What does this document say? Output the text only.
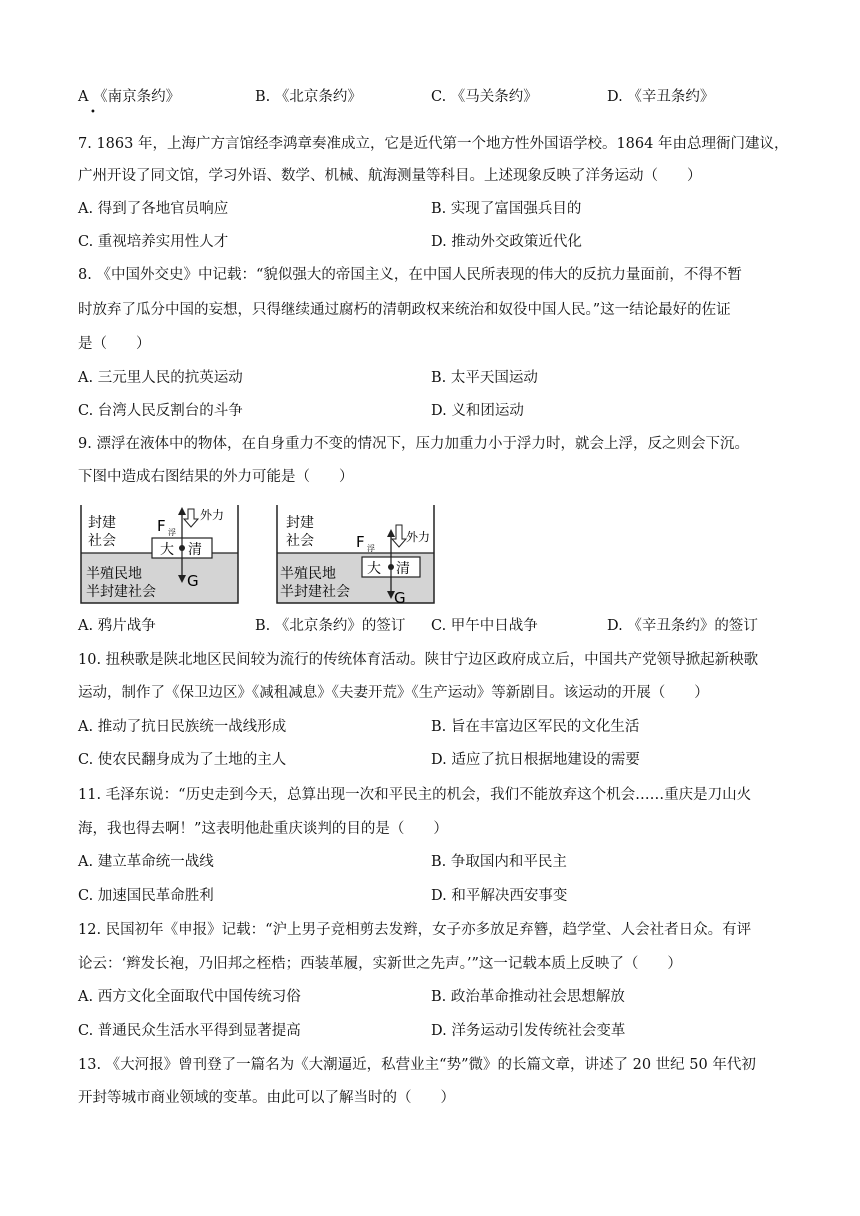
A 《南京条约》	B. 《北京条约》	C. 《马关条约》	D. 《辛丑条约》
•
7. 1863 年，上海广方言馆经李鸿章奏准成立，它是近代第一个地方性外国语学校。1864 年由总理衙门建议，
广州开设了同文馆，学习外语、数学、机械、航海测量等科目。上述现象反映了洋务运动（　　）
A. 得到了各地官员响应	B. 实现了富国强兵目的
C. 重视培养实用性人才	D. 推动外交政策近代化
8. 《中国外交史》中记载：“貌似强大的帝国主义，在中国人民所表现的伟大的反抗力量面前，不得不暂
时放弃了瓜分中国的妄想，只得继续通过腐朽的清朝政权来统治和奴役中国人民。”这一结论最好的佐证
是（　　）
A. 三元里人民的抗英运动	B. 太平天国运动
C. 台湾人民反割台的斗争	D. 义和团运动
9. 漂浮在液体中的物体，在自身重力不变的情况下，压力加重力小于浮力时，就会上浮，反之则会下沉。
下图中造成右图结果的外力可能是（　　）
封建
社会
半殖民地
半封建社会
F 浮
大 清
G
外力	封建
社会
半殖民地
半封建社会
F 浮
大 清
G
外力
A. 鸦片战争	B. 《北京条约》的签订 C. 甲午中日战争	D. 《辛丑条约》的签订
10. 扭秧歌是陕北地区民间较为流行的传统体育活动。陕甘宁边区政府成立后，中国共产党领导掀起新秧歌
运动，制作了《保卫边区》《减租减息》《夫妻开荒》《生产运动》等新剧目。该运动的开展（　　）
A. 推动了抗日民族统一战线形成	B. 旨在丰富边区军民的文化生活
C. 使农民翻身成为了土地的主人	D. 适应了抗日根据地建设的需要
11. 毛泽东说：“历史走到今天，总算出现一次和平民主的机会，我们不能放弃这个机会……重庆是刀山火
海，我也得去啊！”这表明他赴重庆谈判的目的是（　　）
A. 建立革命统一战线	B. 争取国内和平民主
C. 加速国民革命胜利	D. 和平解决西安事变
12. 民国初年《申报》记载：“沪上男子竞相剪去发辫，女子亦多放足弃簪，趋学堂、人会社者日众。有评
论云：‘辫发长袍，乃旧邦之桎梏；西装革履，实新世之先声。’”这一记载本质上反映了（　　）
A. 西方文化全面取代中国传统习俗	B. 政治革命推动社会思想解放
C. 普通民众生活水平得到显著提高	D. 洋务运动引发传统社会变革
13. 《大河报》曾刊登了一篇名为《大潮逼近，私营业主“势”微》的长篇文章，讲述了 20 世纪 50 年代初
开封等城市商业领域的变革。由此可以了解当时的（　　）
